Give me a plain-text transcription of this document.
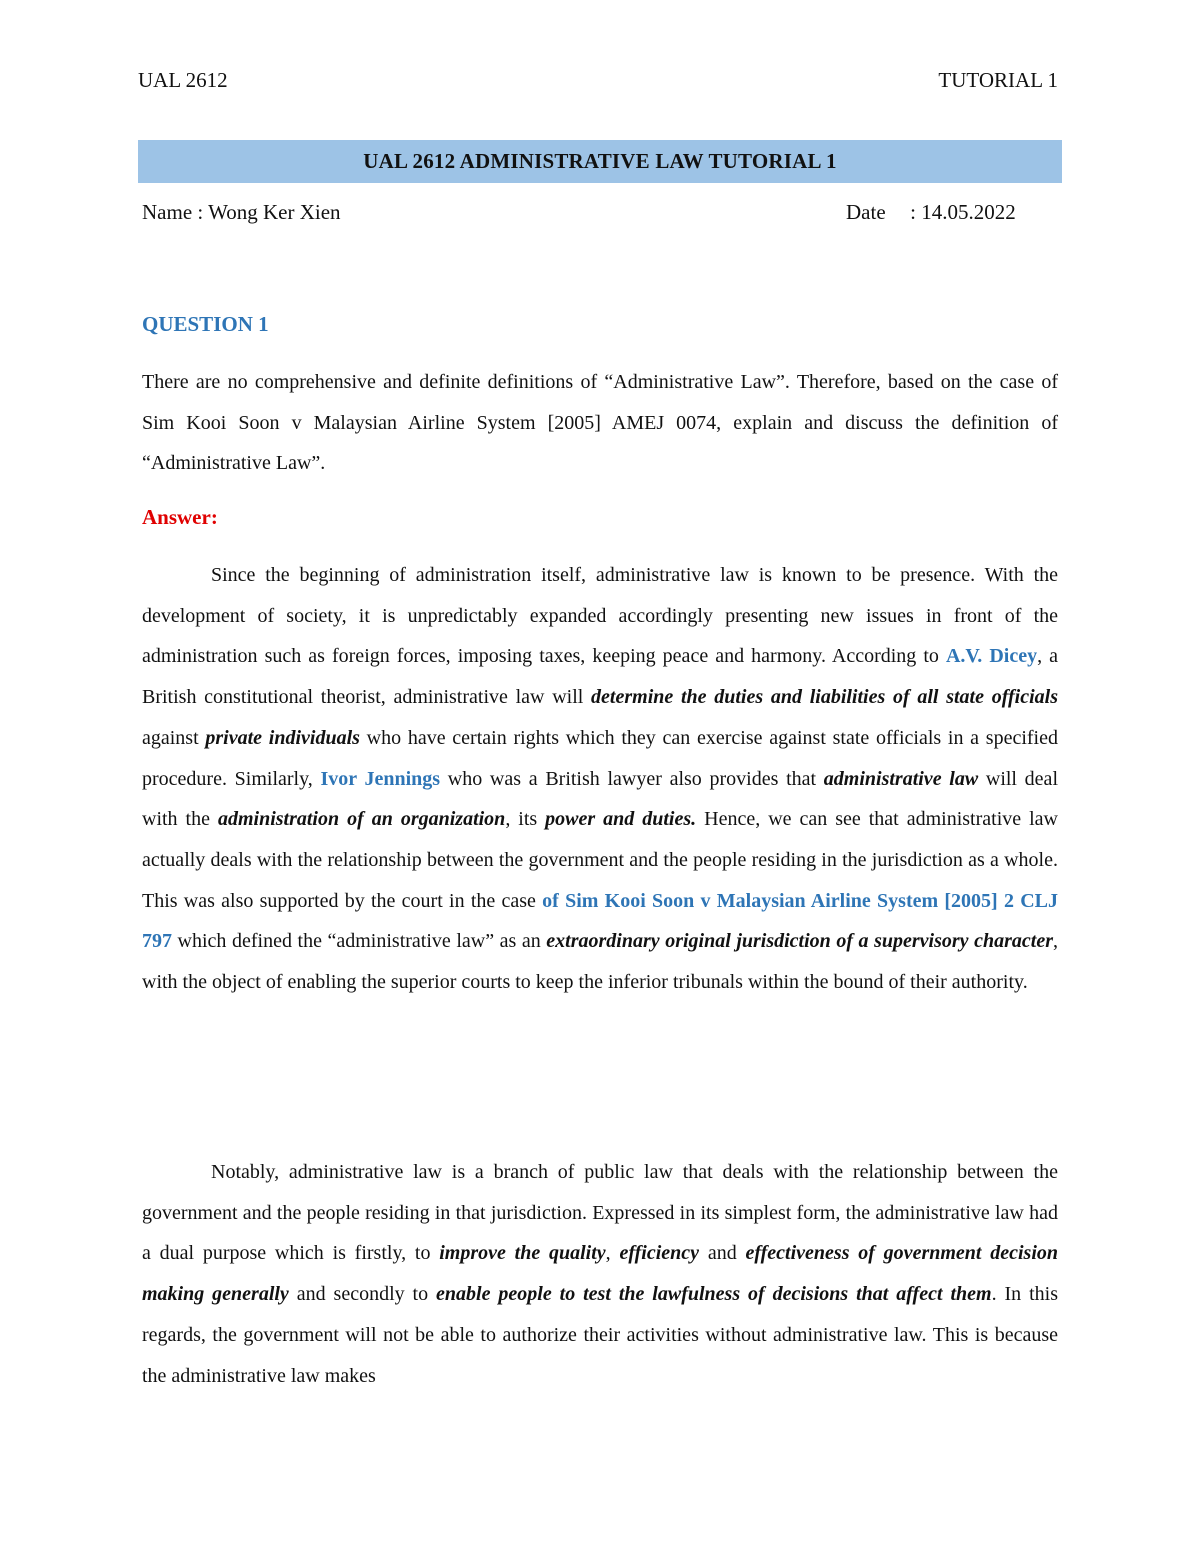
UAL 2612	TUTORIAL 1
UAL 2612 ADMINISTRATIVE LAW TUTORIAL 1
Name : Wong Ker Xien	Date : 14.05.2022
QUESTION 1
There are no comprehensive and definite definitions of “Administrative Law”. Therefore, based on the case of Sim Kooi Soon v Malaysian Airline System [2005] AMEJ 0074, explain and discuss the definition of “Administrative Law”.
Answer:
Since the beginning of administration itself, administrative law is known to be presence. With the development of society, it is unpredictably expanded accordingly presenting new issues in front of the administration such as foreign forces, imposing taxes, keeping peace and harmony. According to A.V. Dicey, a British constitutional theorist, administrative law will determine the duties and liabilities of all state officials against private individuals who have certain rights which they can exercise against state officials in a specified procedure. Similarly, Ivor Jennings who was a British lawyer also provides that administrative law will deal with the administration of an organization, its power and duties. Hence, we can see that administrative law actually deals with the relationship between the government and the people residing in the jurisdiction as a whole. This was also supported by the court in the case of Sim Kooi Soon v Malaysian Airline System [2005] 2 CLJ 797 which defined the “administrative law” as an extraordinary original jurisdiction of a supervisory character, with the object of enabling the superior courts to keep the inferior tribunals within the bound of their authority.
Notably, administrative law is a branch of public law that deals with the relationship between the government and the people residing in that jurisdiction. Expressed in its simplest form, the administrative law had a dual purpose which is firstly, to improve the quality, efficiency and effectiveness of government decision making generally and secondly to enable people to test the lawfulness of decisions that affect them. In this regards, the government will not be able to authorize their activities without administrative law. This is because the administrative law makes
